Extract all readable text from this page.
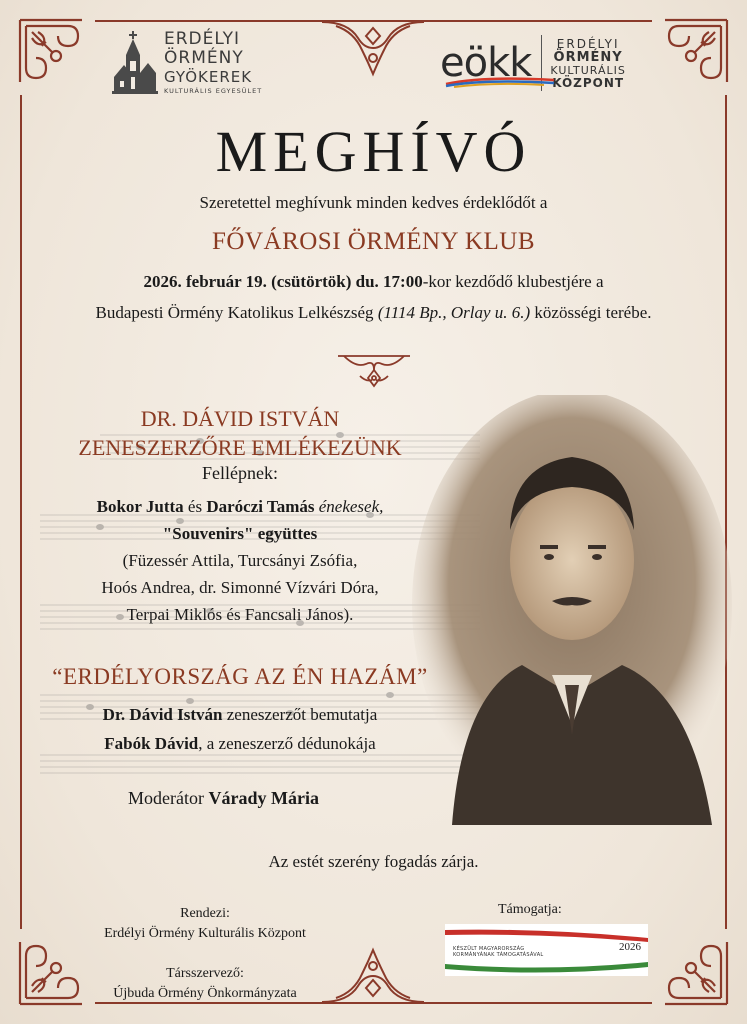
ERDÉLYI
ÖRMÉNY
GYÖKEREK
KULTURÁLIS EGYESÜLET
eökk	ERDÉLYI
ÖRMÉNY
KULTURÁLIS
KÖZPONT
MEGHÍVÓ
Szeretettel meghívunk minden kedves érdeklődőt a
FŐVÁROSI ÖRMÉNY KLUB
2026. február 19. (csütörtök) du. 17:00-kor kezdődő klubestjére a
Budapesti Örmény Katolikus Lelkészség (1114 Bp., Orlay u. 6.) közösségi terébe.
DR. DÁVID ISTVÁN
ZENESZERZŐRE EMLÉKEZÜNK
Fellépnek:
Bokor Jutta és Daróczi Tamás énekesek,
"Souvenirs" együttes
(Füzessér Attila, Turcsányi Zsófia,
Hoós Andrea, dr. Simonné Vízvári Dóra,
Terpai Miklós és Fancsali János).
“ERDÉLYORSZÁG AZ ÉN HAZÁM”
Dr. Dávid István zeneszerzőt bemutatja
Fabók Dávid, a zeneszerző dédunokája
Moderátor Várady Mária
Az estét szerény fogadás zárja.
Rendezi:
Erdélyi Örmény Kulturális Központ
Társszervező:
Újbuda Örmény Önkormányzata
Támogatja:
KÉSZÜLT MAGYARORSZÁG
KORMÁNYÁNAK TÁMOGATÁSÁVAL
2026
